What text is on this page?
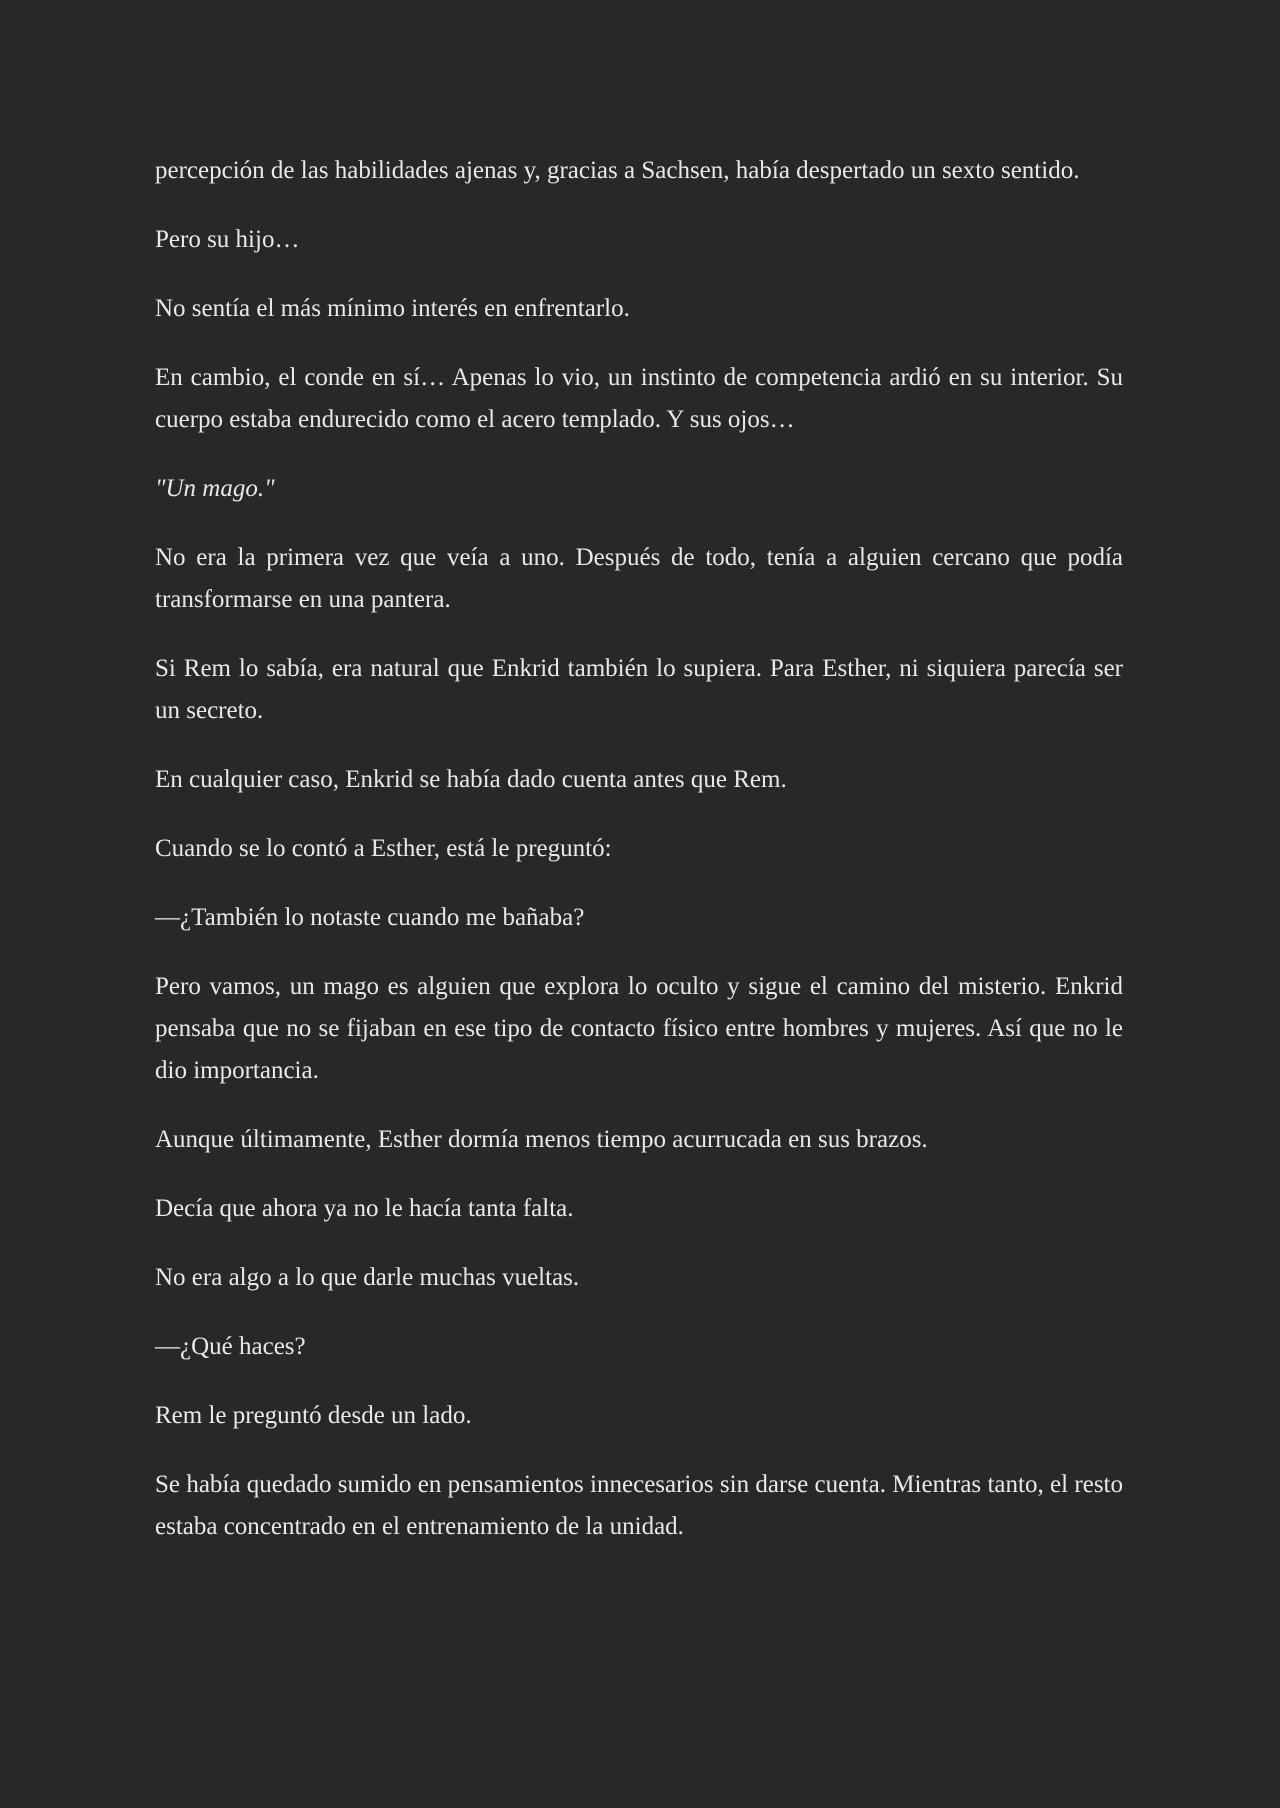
percepción de las habilidades ajenas y, gracias a Sachsen, había despertado un sexto sentido.

Pero su hijo…

No sentía el más mínimo interés en enfrentarlo.

En cambio, el conde en sí… Apenas lo vio, un instinto de competencia ardió en su interior. Su cuerpo estaba endurecido como el acero templado. Y sus ojos…

"Un mago."

No era la primera vez que veía a uno. Después de todo, tenía a alguien cercano que podía transformarse en una pantera.

Si Rem lo sabía, era natural que Enkrid también lo supiera. Para Esther, ni siquiera parecía ser un secreto.

En cualquier caso, Enkrid se había dado cuenta antes que Rem.

Cuando se lo contó a Esther, está le preguntó:

—¿También lo notaste cuando me bañaba?

Pero vamos, un mago es alguien que explora lo oculto y sigue el camino del misterio. Enkrid pensaba que no se fijaban en ese tipo de contacto físico entre hombres y mujeres. Así que no le dio importancia.

Aunque últimamente, Esther dormía menos tiempo acurrucada en sus brazos.

Decía que ahora ya no le hacía tanta falta.

No era algo a lo que darle muchas vueltas.

—¿Qué haces?

Rem le preguntó desde un lado.

Se había quedado sumido en pensamientos innecesarios sin darse cuenta. Mientras tanto, el resto estaba concentrado en el entrenamiento de la unidad.
